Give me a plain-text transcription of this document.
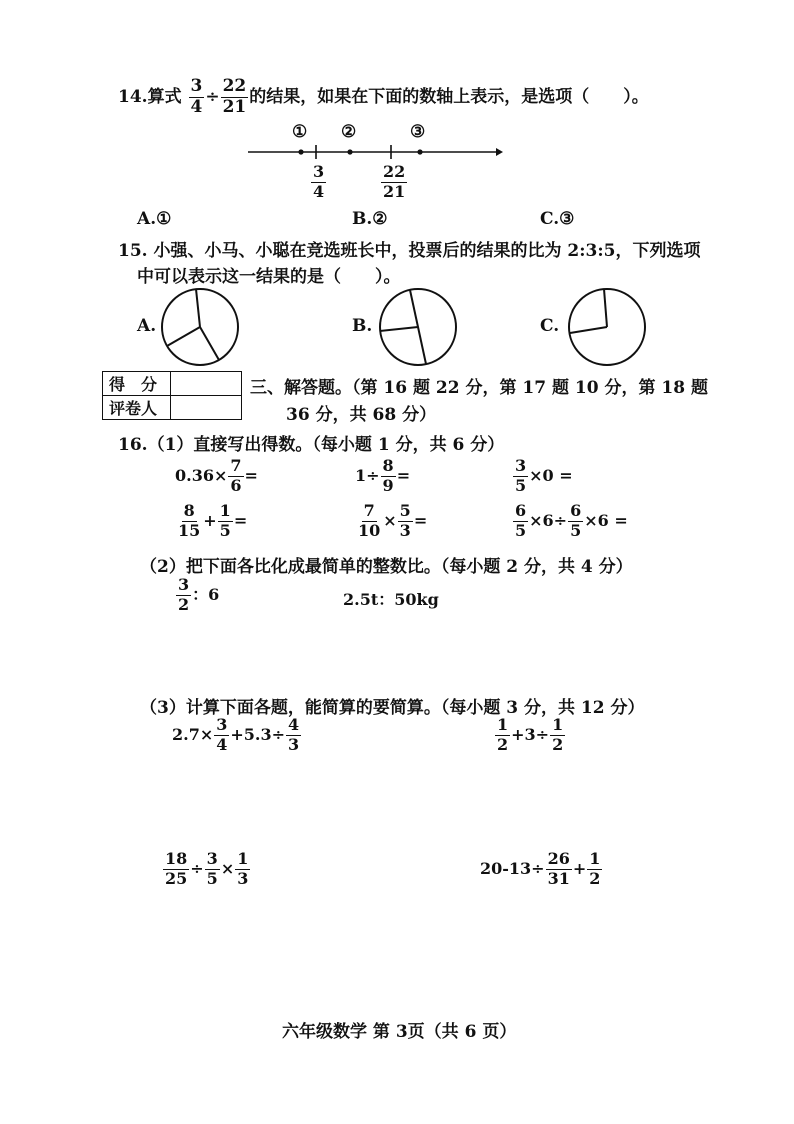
14.算式 $\frac{3}{4} \div \frac{22}{21}$ 的结果，如果在下面的数轴上表示，是选项（　　）。
① ②	③
$\frac{3}{4}$	$\frac{22}{21}$
A.①	B.②	C.③
15. 小强、小马、小聪在竞选班长中，投票后的结果的比为 2:3:5，下列选项
中可以表示这一结果的是（　　）。
A.	B.	C.
得　分	
评卷人	
三、解答题。（第 16 题 22 分，第 17 题 10 分，第 18 题
36 分，共 68 分）
16.（1）直接写出得数。（每小题 1 分，共 6 分）
$0.36\times \frac{7}{6}$ =	$1\div \frac{8}{9}$ =	$\frac{3}{5} \times 0$ =
$\frac{8}{15} + \frac{1}{5}$ =	$\frac{7}{10} \times \frac{5}{3}$ =	$\frac{6}{5} \times 6\div \frac{6}{5} \times 6$ =
（2）把下面各比化成最简单的整数比。（每小题 2 分，共 4 分）
$\frac{3}{2}$ ：6	2.5t：50kg
（3）计算下面各题，能简算的要简算。（每小题 3 分，共 12 分）
$2.7\times \frac{3}{4} +5.3\div \frac{4}{3}$	$\frac{1}{2} +3\div \frac{1}{2}$
$\frac{18}{25} \div \frac{3}{5} \times \frac{1}{3}$	$20-13\div \frac{26}{31} + \frac{1}{2}$
六年级数学 第 3页（共 6 页）
